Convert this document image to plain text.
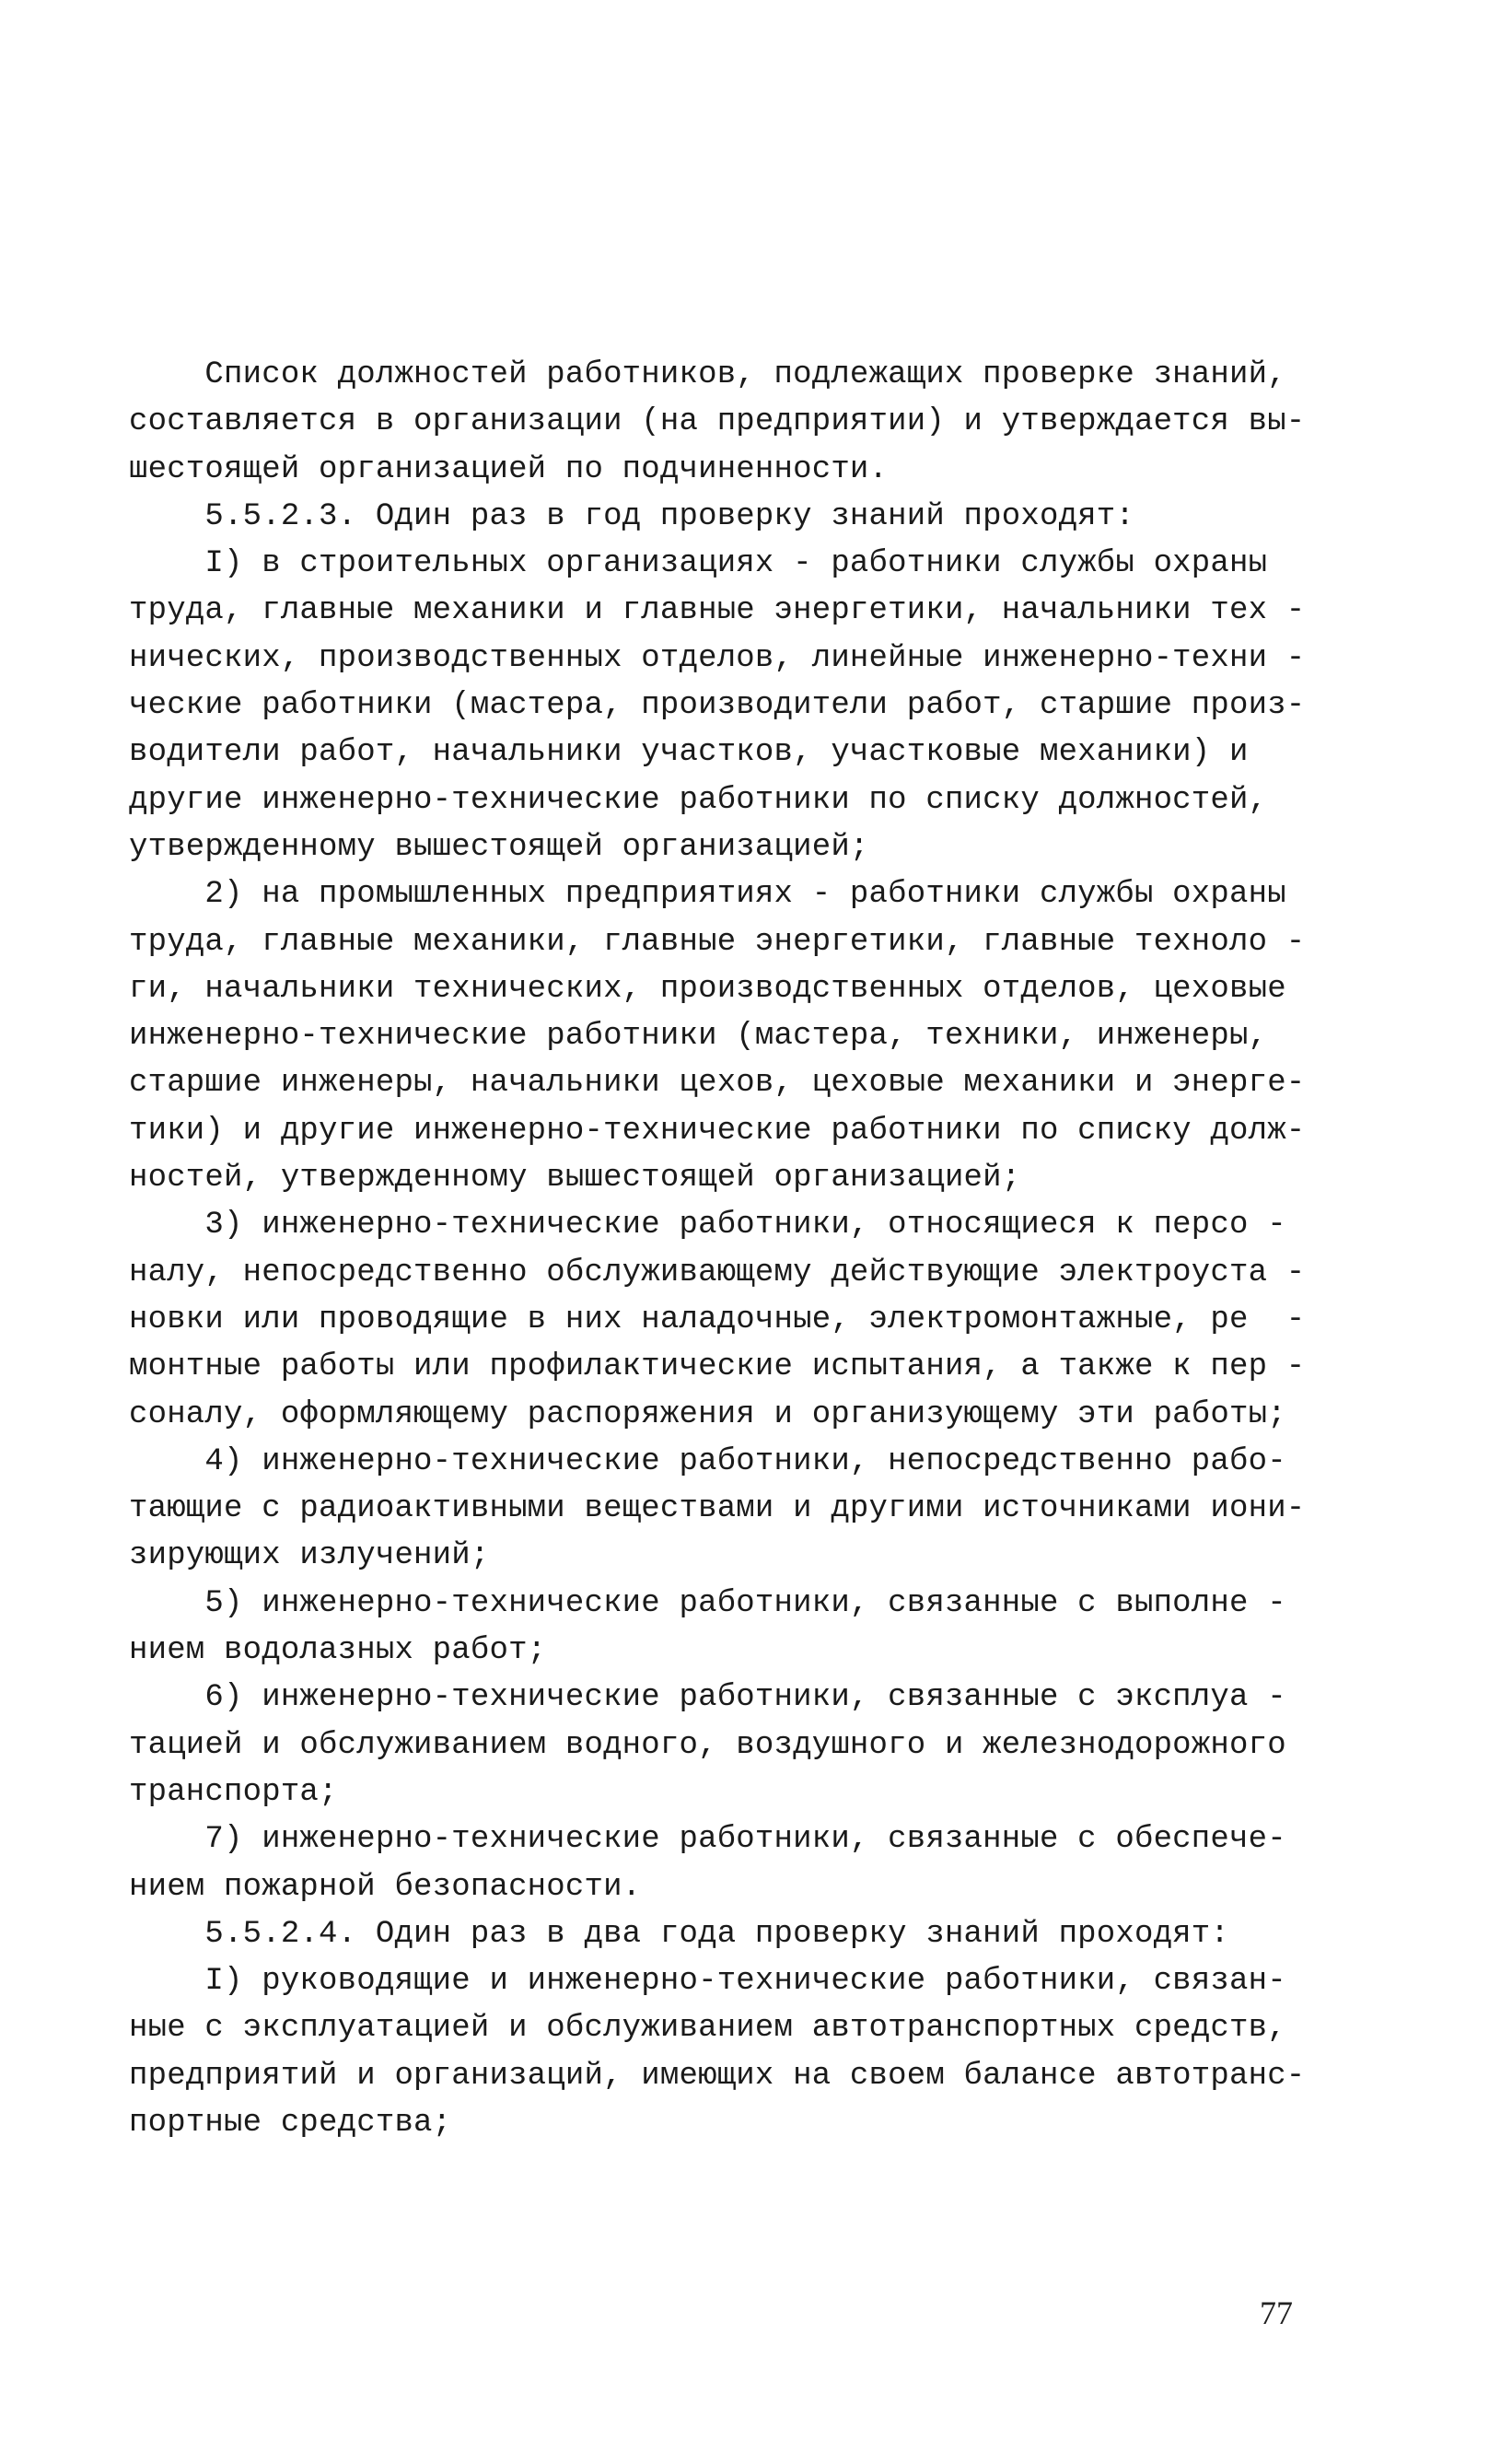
Список должностей работников, подлежащих проверке знаний,
составляется в организации (на предприятии) и утверждается вы-
шестоящей организацией по подчиненности.
5.5.2.3. Один раз в год проверку знаний проходят:
I) в строительных организациях - работники службы охраны
труда, главные механики и главные энергетики, начальники тех -
нических, производственных отделов, линейные инженерно-техни -
ческие работники (мастера, производители работ, старшие произ-
водители работ, начальники участков, участковые механики) и
другие инженерно-технические работники по списку должностей,
утвержденному вышестоящей организацией;
2) на промышленных предприятиях - работники службы охраны
труда, главные механики, главные энергетики, главные техноло -
ги, начальники технических, производственных отделов, цеховые
инженерно-технические работники (мастера, техники, инженеры,
старшие инженеры, начальники цехов, цеховые механики и энерге-
тики) и другие инженерно-технические работники по списку долж-
ностей, утвержденному вышестоящей организацией;
3) инженерно-технические работники, относящиеся к персо -
налу, непосредственно обслуживающему действующие электроуста -
новки или проводящие в них наладочные, электромонтажные, ре  -
монтные работы или профилактические испытания, а также к пер -
соналу, оформляющему распоряжения и организующему эти работы;
4) инженерно-технические работники, непосредственно рабо-
тающие с радиоактивными веществами и другими источниками иони-
зирующих излучений;
5) инженерно-технические работники, связанные с выполне -
нием водолазных работ;
6) инженерно-технические работники, связанные с эксплуа -
тацией и обслуживанием водного, воздушного и железнодорожного
транспорта;
7) инженерно-технические работники, связанные с обеспече-
нием пожарной безопасности.
5.5.2.4. Один раз в два года проверку знаний проходят:
I) руководящие и инженерно-технические работники, связан-
ные с эксплуатацией и обслуживанием автотранспортных средств,
предприятий и организаций, имеющих на своем балансе автотранс-
портные средства;
77
